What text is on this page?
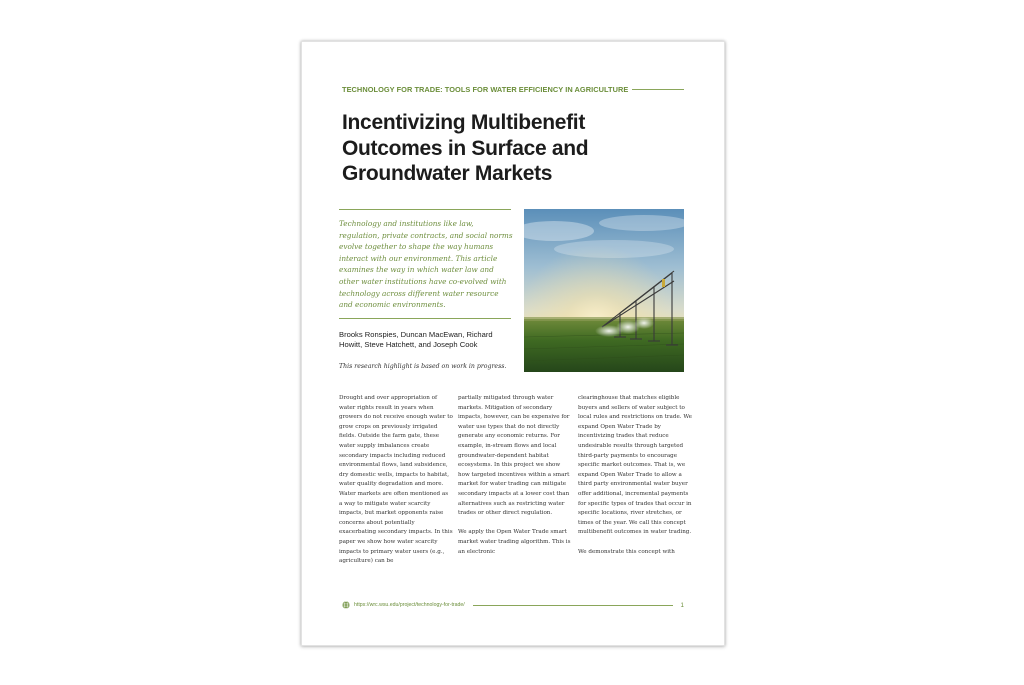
TECHNOLOGY FOR TRADE: TOOLS FOR WATER EFFICIENCY IN AGRICULTURE
Incentivizing Multibenefit Outcomes in Surface and Groundwater Markets

Technology and institutions like law, regulation, private contracts, and social norms evolve together to shape the way humans interact with our environment. This article examines the way in which water law and other water institutions have co-evolved with technology across different water resource and economic environments.

Brooks Ronspies, Duncan MacEwan, Richard Howitt, Steve Hatchett, and Joseph Cook

This research highlight is based on work in progress.

Drought and over appropriation of water rights result in years when growers do not receive enough water to grow crops on previously irrigated fields. Outside the farm gate, these water supply imbalances create secondary impacts including reduced environmental flows, land subsidence, dry domestic wells, impacts to habitat, water quality degradation and more. Water markets are often mentioned as a way to mitigate water scarcity impacts, but market opponents raise concerns about potentially exacerbating secondary impacts. In this paper we show how water scarcity impacts to primary water users (e.g., agriculture) can be

partially mitigated through water markets. Mitigation of secondary impacts, however, can be expensive for water use types that do not directly generate any economic returns. For example, in-stream flows and local groundwater-dependent habitat ecosystems. In this project we show how targeted incentives within a smart market for water trading can mitigate secondary impacts at a lower cost than alternatives such as restricting water trades or other direct regulation.

We apply the Open Water Trade smart market water trading algorithm. This is an electronic

clearinghouse that matches eligible buyers and sellers of water subject to local rules and restrictions on trade. We expand Open Water Trade by incentivizing trades that reduce undesirable results through targeted third-party payments to encourage specific market outcomes. That is, we expand Open Water Trade to allow a third party environmental water buyer offer additional, incremental payments for specific types of trades that occur in specific locations, river stretches, or times of the year. We call this concept multibenefit outcomes in water trading.

We demonstrate this concept with

https://wrc.wsu.edu/project/technology-for-trade/	1
